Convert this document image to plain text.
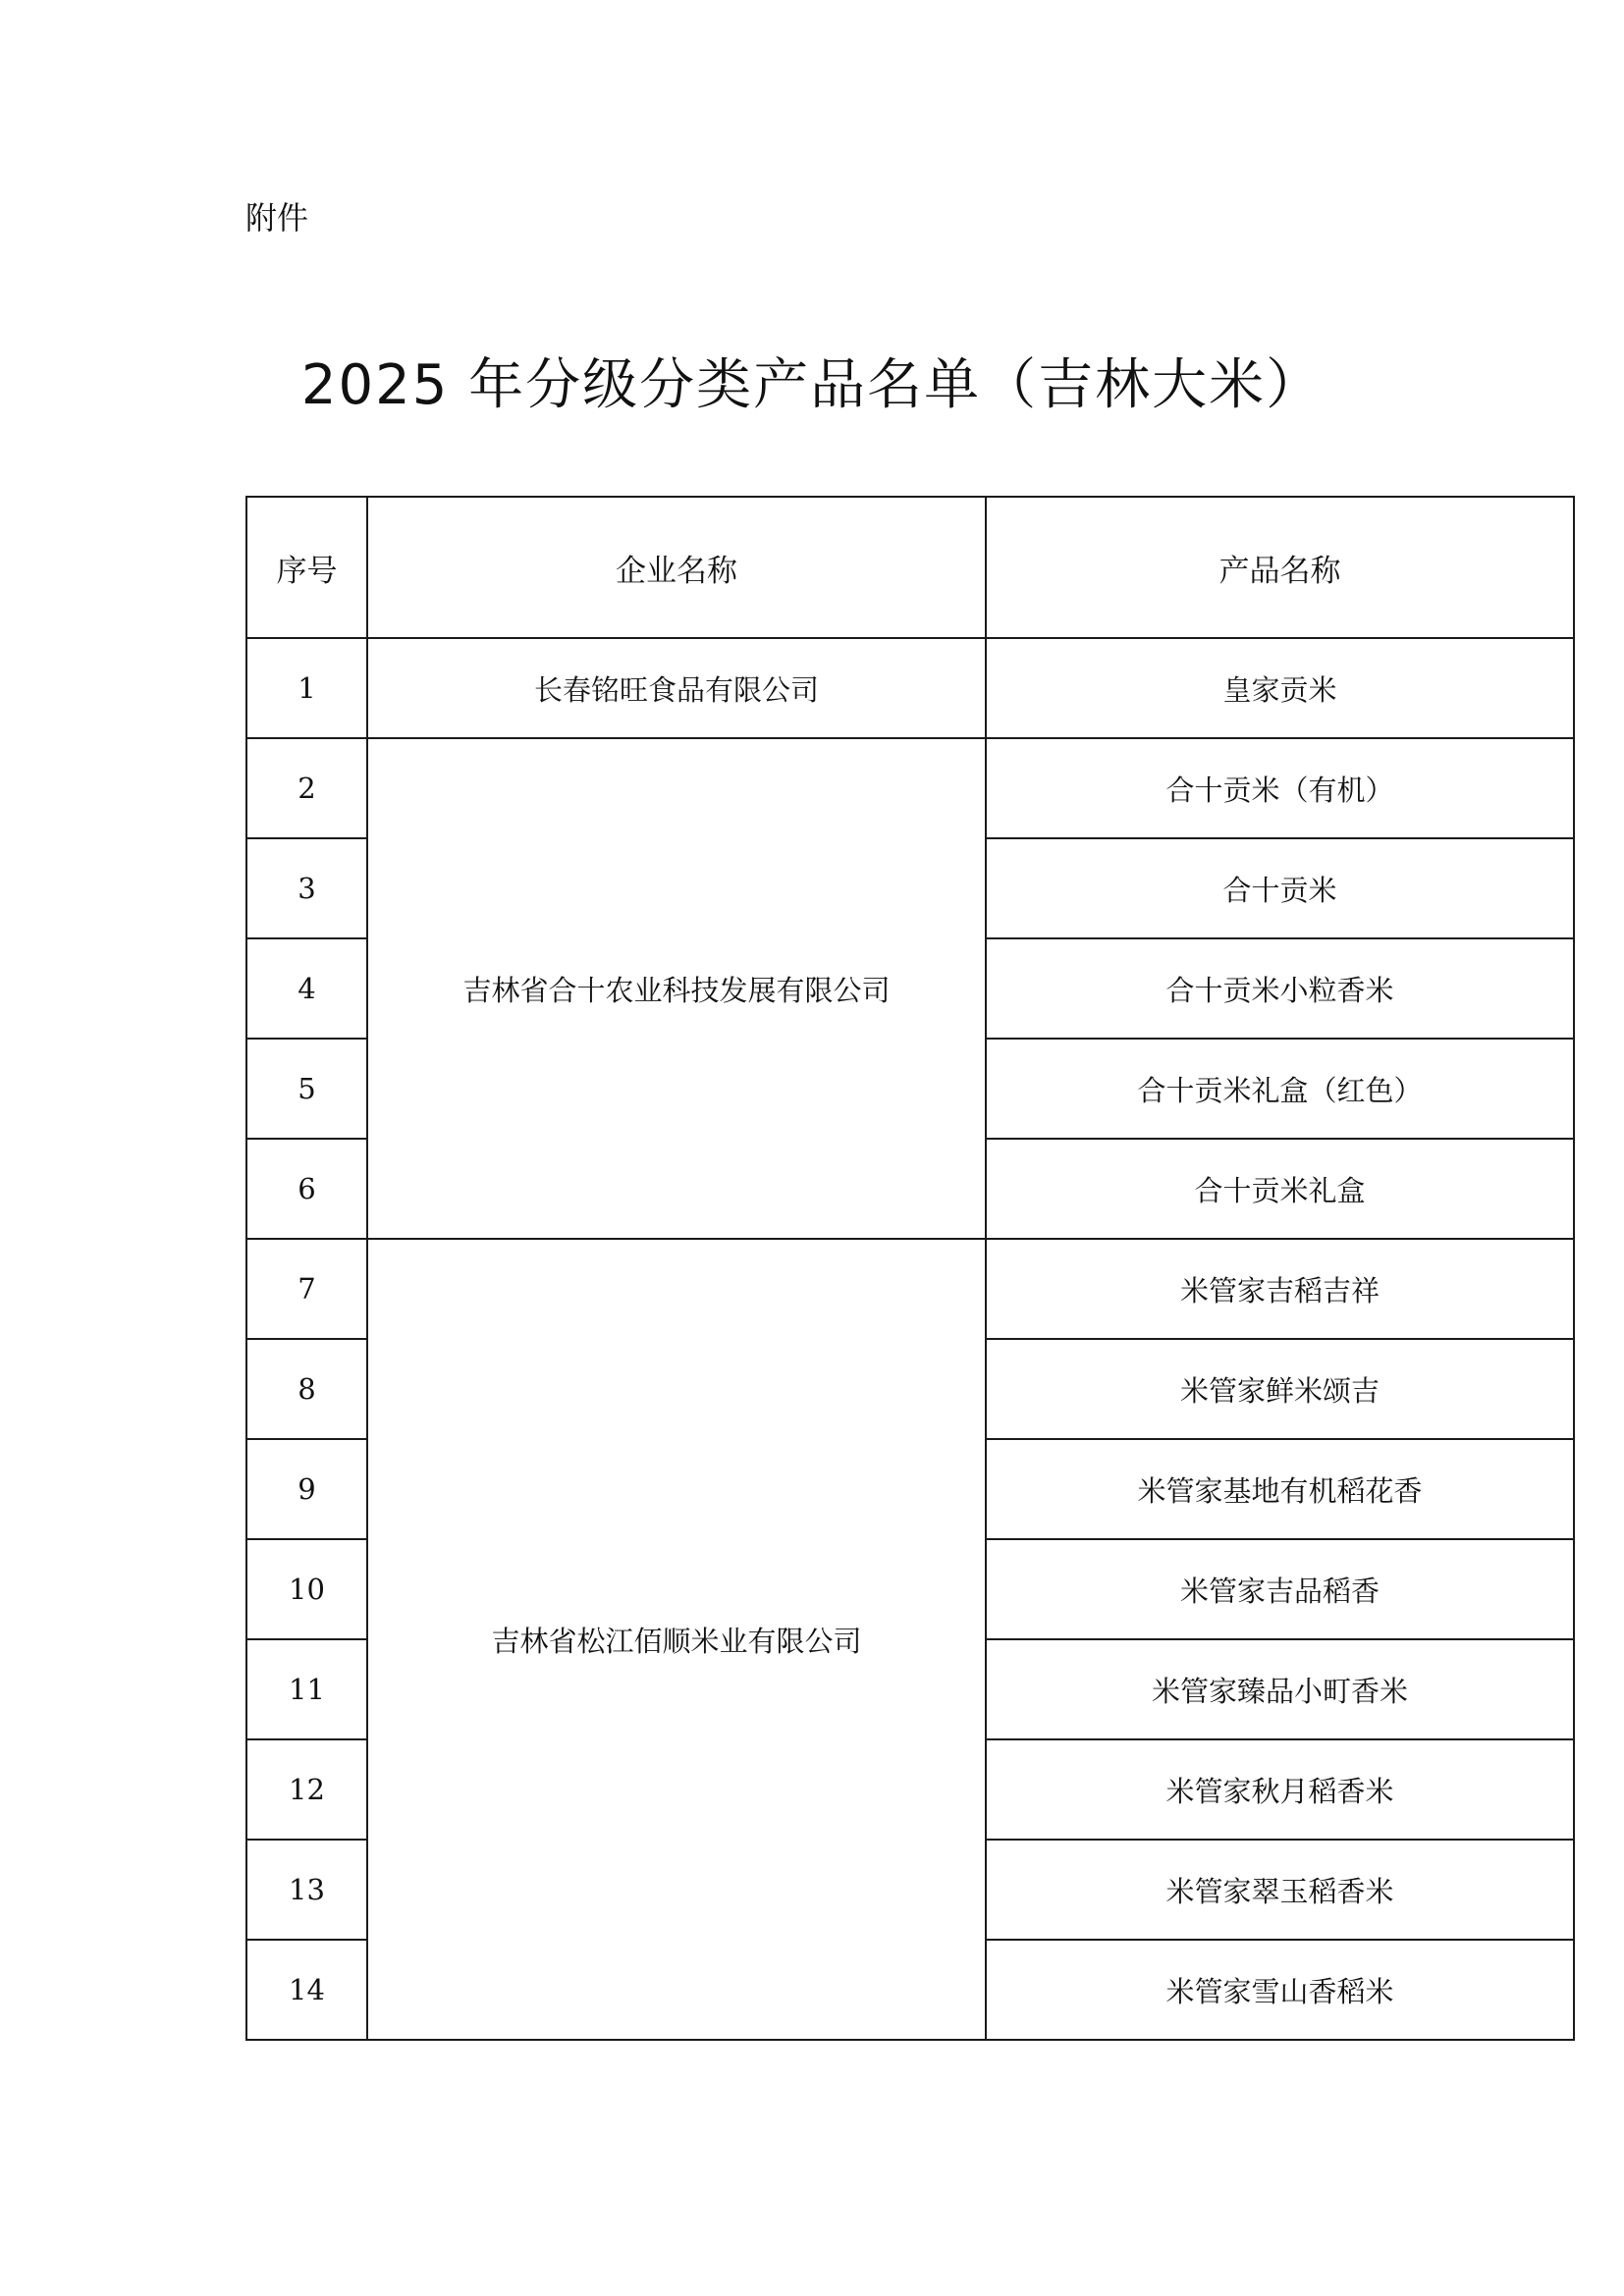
附件
2025 年分级分类产品名单（吉林大米）
序号	企业名称	产品名称
1	长春铭旺食品有限公司	皇家贡米
2	吉林省合十农业科技发展有限公司	合十贡米（有机）
3		合十贡米
4		合十贡米小粒香米
5		合十贡米礼盒（红色）
6		合十贡米礼盒
7	吉林省松江佰顺米业有限公司	米管家吉稻吉祥
8		米管家鲜米颂吉
9		米管家基地有机稻花香
10		米管家吉品稻香
11		米管家臻品小町香米
12		米管家秋月稻香米
13		米管家翠玉稻香米
14		米管家雪山香稻米
